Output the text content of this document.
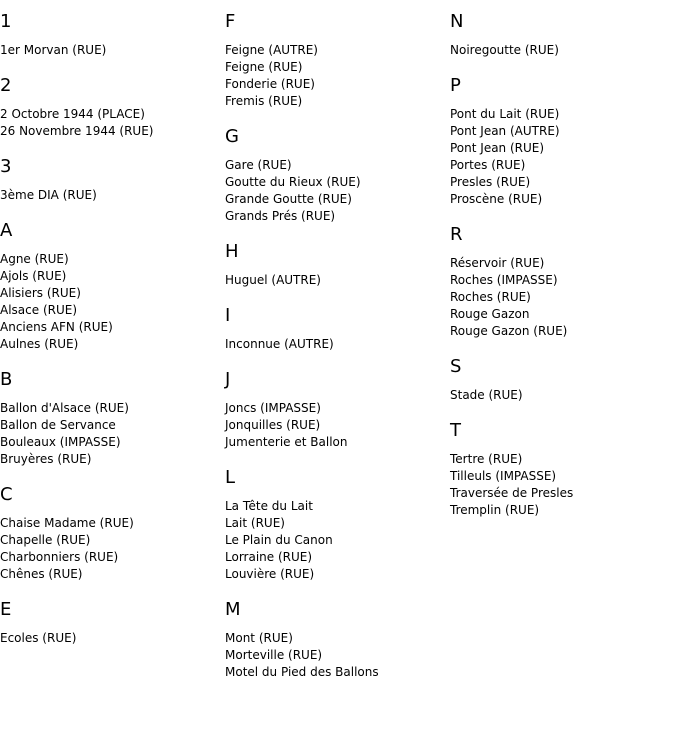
1
1er Morvan (RUE)
2
2 Octobre 1944 (PLACE)
26 Novembre 1944 (RUE)
3
3ème DIA (RUE)
A
Agne (RUE)
Ajols (RUE)
Alisiers (RUE)
Alsace (RUE)
Anciens AFN (RUE)
Aulnes (RUE)
B
Ballon d'Alsace (RUE)
Ballon de Servance
Bouleaux (IMPASSE)
Bruyères (RUE)
C
Chaise Madame (RUE)
Chapelle (RUE)
Charbonniers (RUE)
Chênes (RUE)
E
Ecoles (RUE)
F
Feigne (AUTRE)
Feigne (RUE)
Fonderie (RUE)
Fremis (RUE)
G
Gare (RUE)
Goutte du Rieux (RUE)
Grande Goutte (RUE)
Grands Prés (RUE)
H
Huguel (AUTRE)
I
Inconnue (AUTRE)
J
Joncs (IMPASSE)
Jonquilles (RUE)
Jumenterie et Ballon
L
La Tête du Lait
Lait (RUE)
Le Plain du Canon
Lorraine (RUE)
Louvière (RUE)
M
Mont (RUE)
Morteville (RUE)
Motel du Pied des Ballons
N
Noiregoutte (RUE)
P
Pont du Lait (RUE)
Pont Jean (AUTRE)
Pont Jean (RUE)
Portes (RUE)
Presles (RUE)
Proscène (RUE)
R
Réservoir (RUE)
Roches (IMPASSE)
Roches (RUE)
Rouge Gazon
Rouge Gazon (RUE)
S
Stade (RUE)
T
Tertre (RUE)
Tilleuls (IMPASSE)
Traversée de Presles
Tremplin (RUE)
